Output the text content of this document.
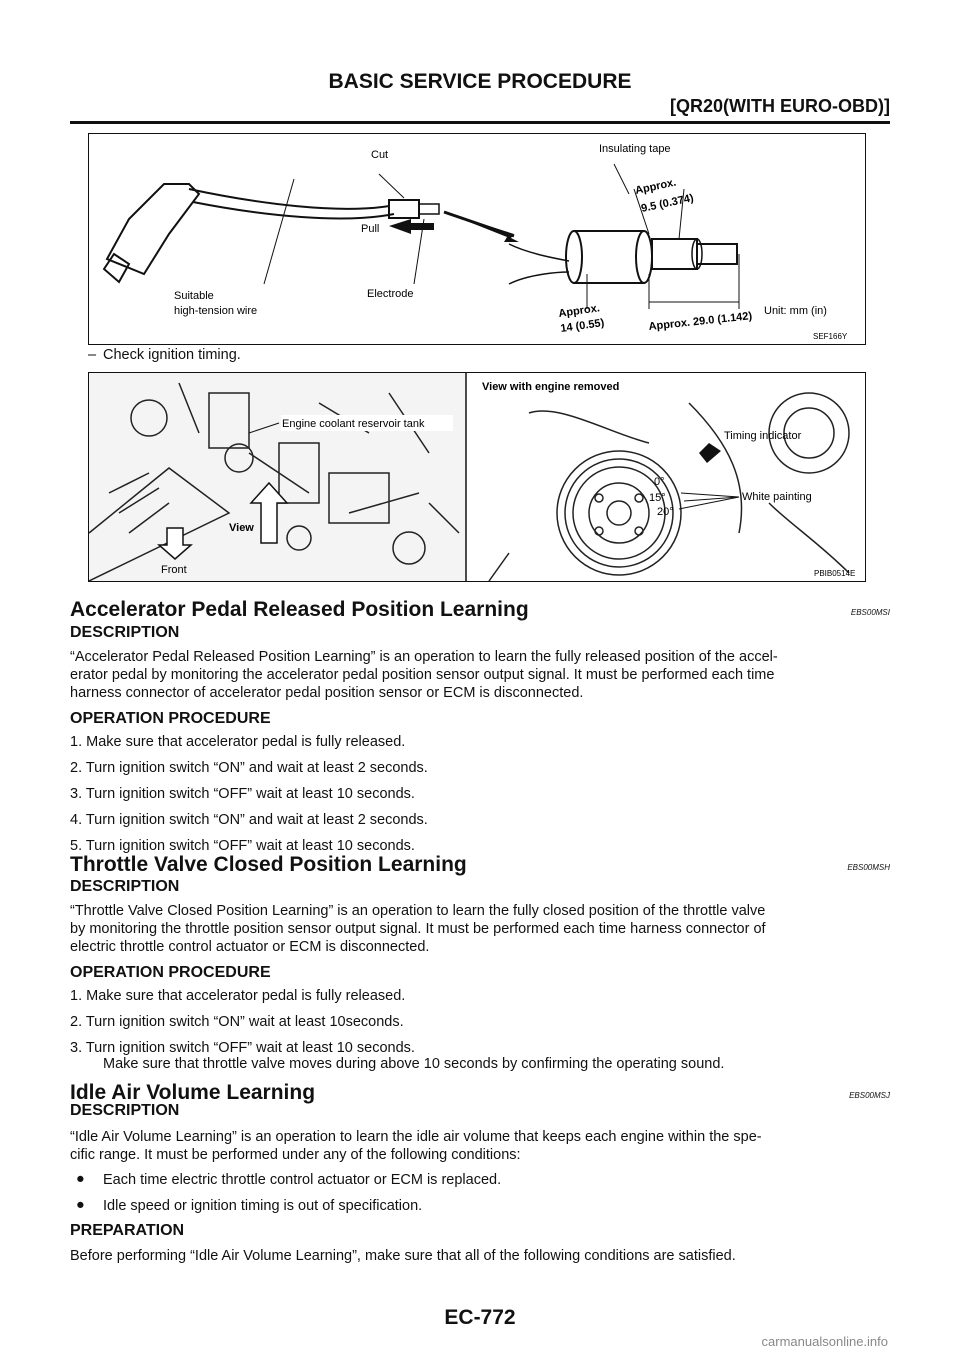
BASIC SERVICE PROCEDURE
[QR20(WITH EURO-OBD)]
Cut	Insulating tape
Approx.
9.5 (0.374)
Pull
Suitable
high-tension wire
Electrode
Approx.
14 (0.55)	Approx. 29.0 (1.142) Unit: mm (in)
SEF166Y
– Check ignition timing.
Engine coolant reservoir tank
View
Front
View with engine removed
Timing indicator
0°
15°
20°
White painting
PBIB0514E
Accelerator Pedal Released Position Learning	EBS00MSI
DESCRIPTION
“Accelerator Pedal Released Position Learning” is an operation to learn the fully released position of the accel-
erator pedal by monitoring the accelerator pedal position sensor output signal. It must be performed each time
harness connector of accelerator pedal position sensor or ECM is disconnected.
OPERATION PROCEDURE
1. Make sure that accelerator pedal is fully released.
2. Turn ignition switch “ON” and wait at least 2 seconds.
3. Turn ignition switch “OFF” wait at least 10 seconds.
4. Turn ignition switch “ON” and wait at least 2 seconds.
5. Turn ignition switch “OFF” wait at least 10 seconds.
Throttle Valve Closed Position Learning	EBS00MSH
DESCRIPTION
“Throttle Valve Closed Position Learning” is an operation to learn the fully closed position of the throttle valve
by monitoring the throttle position sensor output signal. It must be performed each time harness connector of
electric throttle control actuator or ECM is disconnected.
OPERATION PROCEDURE
1. Make sure that accelerator pedal is fully released.
2. Turn ignition switch “ON” wait at least 10seconds.
3. Turn ignition switch “OFF” wait at least 10 seconds.
Make sure that throttle valve moves during above 10 seconds by confirming the operating sound.
Idle Air Volume Learning	EBS00MSJ
DESCRIPTION
“Idle Air Volume Learning” is an operation to learn the idle air volume that keeps each engine within the spe-
cific range. It must be performed under any of the following conditions:
● Each time electric throttle control actuator or ECM is replaced.
● Idle speed or ignition timing is out of specification.
PREPARATION
Before performing “Idle Air Volume Learning”, make sure that all of the following conditions are satisfied.
EC-772
carmanualsonline.info
